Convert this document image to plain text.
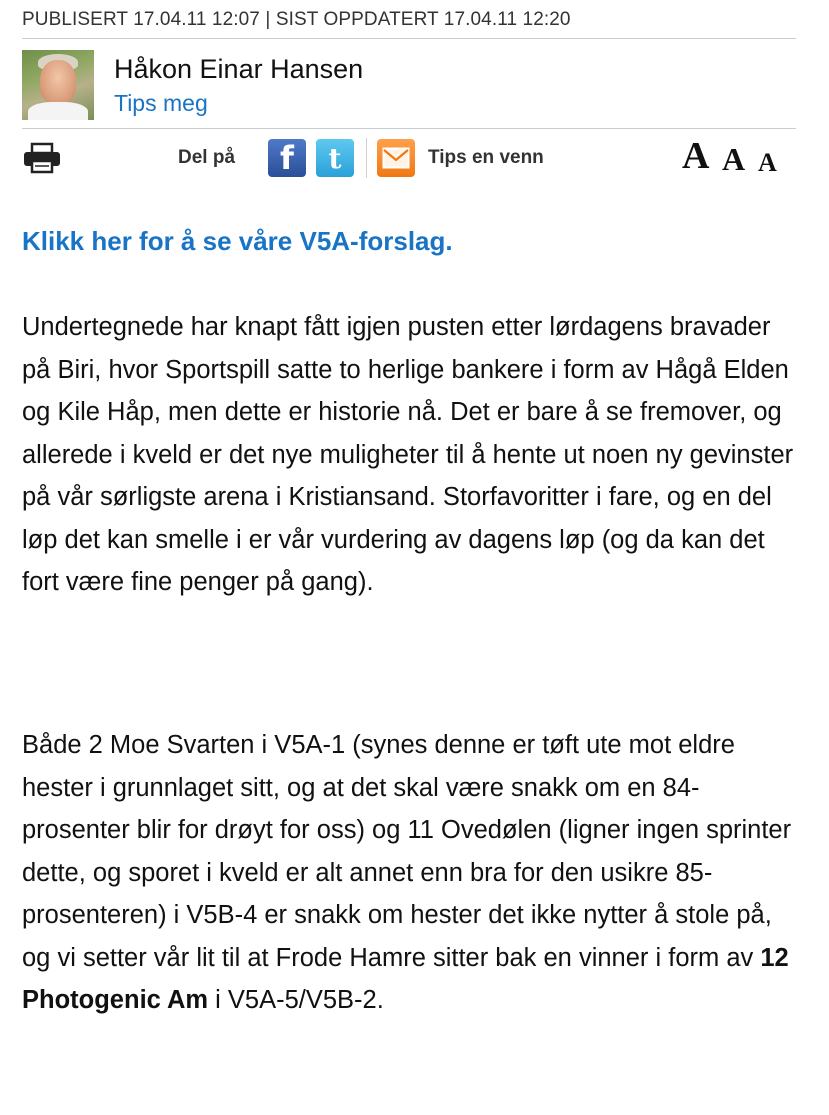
PUBLISERT 17.04.11 12:07 | SIST OPPDATERT 17.04.11 12:20
Håkon Einar Hansen
Tips meg
Del på	f	t	Tips en venn	A A A
Klikk her for å se våre V5A-forslag.

Undertegnede har knapt fått igjen pusten etter lørdagens bravader på Biri, hvor Sportspill satte to herlige bankere i form av Hågå Elden og Kile Håp, men dette er historie nå. Det er bare å se fremover, og allerede i kveld er det nye muligheter til å hente ut noen ny gevinster på vår sørligste arena i Kristiansand. Storfavoritter i fare, og en del løp det kan smelle i er vår vurdering av dagens løp (og da kan det fort være fine penger på gang).

Både 2 Moe Svarten i V5A-1 (synes denne er tøft ute mot eldre hester i grunnlaget sitt, og at det skal være snakk om en 84-prosenter blir for drøyt for oss) og 11 Ovedølen (ligner ingen sprinter dette, og sporet i kveld er alt annet enn bra for den usikre 85-prosenteren) i V5B-4 er snakk om hester det ikke nytter å stole på, og vi setter vår lit til at Frode Hamre sitter bak en vinner i form av 12 Photogenic Am i V5A-5/V5B-2.
